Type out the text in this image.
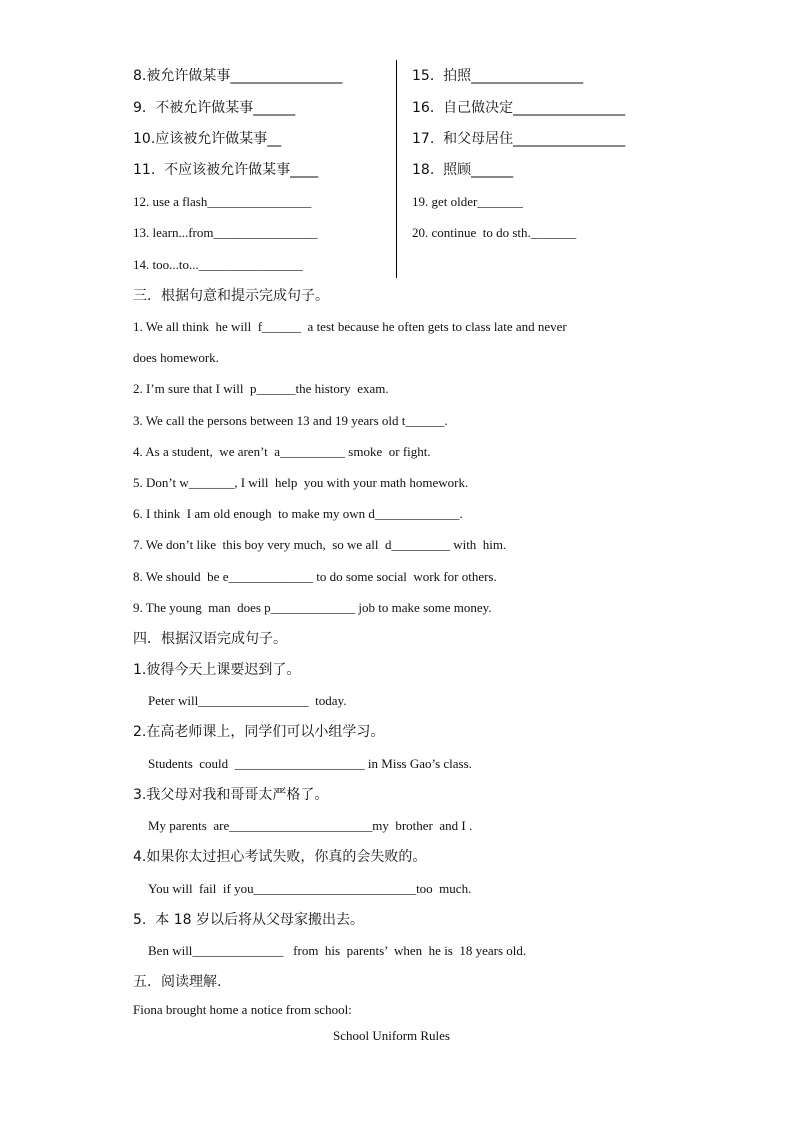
8.被允许做某事________________
9.  不被允许做某事______
10.应该被允许做某事__
11.  不应该被允许做某事____
12. use a flash________________
13. learn...from________________
14. too...to...________________
15.  拍照________________
16.  自己做决定________________
17.  和父母居住________________
18.  照顾______
19. get older_______
20. continue  to do sth._______
三．根据句意和提示完成句子。
1. We all think  he will  f______  a test because he often gets to class late and never
does homework.
2. I’m sure that I will  p______the history  exam.
3. We call the persons between 13 and 19 years old t______.
4. As a student,  we aren’t  a__________ smoke  or fight.
5. Don’t w_______, I will  help  you with your math homework.
6. I think  I am old enough  to make my own d_____________.
7. We don’t like  this boy very much,  so we all  d_________ with  him.
8. We should  be e_____________ to do some social  work for others.
9. The young  man  does p_____________ job to make some money.
四．根据汉语完成句子。
1.彼得今天上课要迟到了。
Peter will_________________  today.
2.在高老师课上，同学们可以小组学习。
Students  could  ____________________ in Miss Gao’s class.
3.我父母对我和哥哥太严格了。
My parents  are______________________my  brother  and I .
4.如果你太过担心考试失败，你真的会失败的。
You will  fail  if you_________________________too  much.
5.  本 18 岁以后将从父母家搬出去。
Ben will______________   from  his  parents’  when  he is  18 years old.
五．阅读理解.
Fiona brought home a notice from school:
School Uniform Rules
